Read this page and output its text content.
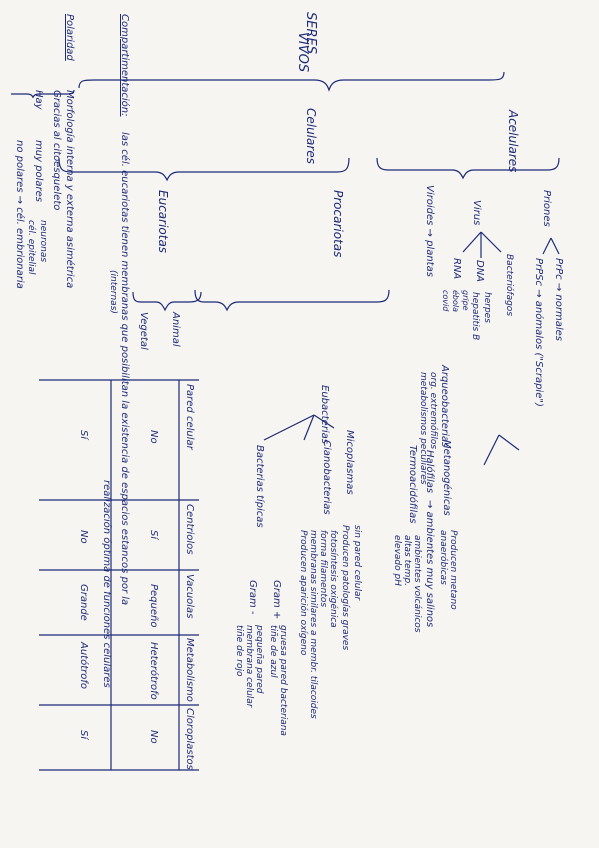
SERES
VIVOS
Acelulares
Priones
PrPc → normales
PrPSc → anómalos ("Scrapie")
Virus
Bacteriófagos
DNA
herpes
hepatitis B
RNA
gripe
ébola
covid
Viroides → plantas
Celulares
Procariotas
Arqueobacterias
org. extremófilos
metabolismos peculiares Metanogénicas
Producen metano
anaeróbicas
Halófilas
→ ambientes muy salinos
Termoacidófilas
ambientes volcánicos
altas temp.
elevado pH
Eubacterias
Micoplasmas
sin pared celular
Producen patologías graves
Cianobacterias
fotosíntesis oxigénica
forma filamentos
membranas similares a membr. tilacoides
Producen aparición oxígeno
Bacterias típicas
Gram +
gruesa pared bacteriana
tiñe de azul
Gram -
pequeña pared
membrana celular
tiñe de rojo
Eucariotas
Animal
Vegetal
Pared celular
Centriolos
Vacuolas
Metabolismo
Cloroplastos
No
Sí
Pequeño
Heterótrofo
No
Sí
No
Grande
Autótrofo
Sí
Compartimentación:
las cél. eucariotas tienen membranas que posibilitan la existencia de espacios estancos por la
(internas)
realización óptima de funciones celulares
Polaridad
Morfología interna y externa asimétrica
Gracias al citoesqueleto
Hay
muy polares
neuronas
cél. epitelial
no polares → cél. embrionaria
